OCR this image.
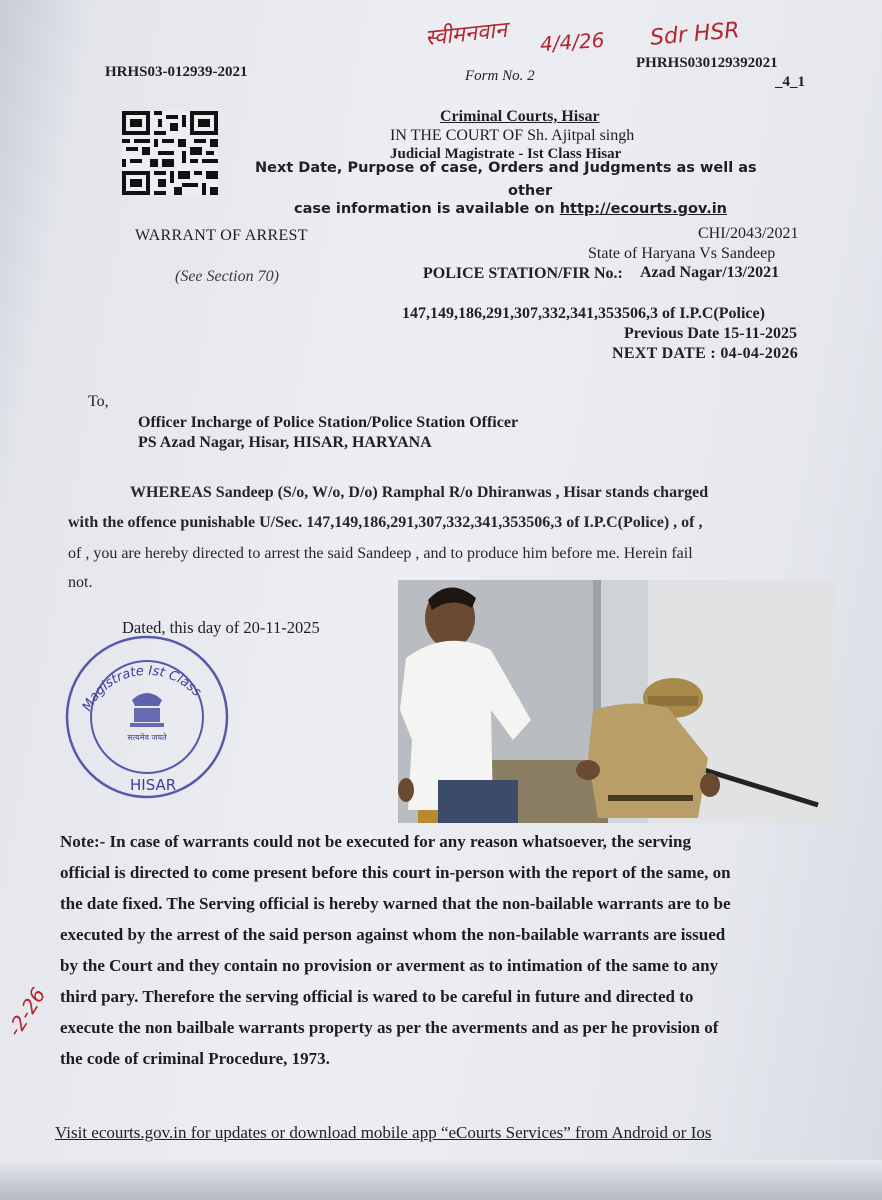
स्वीमनवान 4/4/26 Sdr HSR
-2-26
HRHS03-012939-2021	Form No. 2
PHRHS030129392021
_4_1
Criminal Courts, Hisar
IN THE COURT OF Sh. Ajitpal singh
Judicial Magistrate - Ist Class Hisar
Next Date, Purpose of case, Orders and Judgments as well as
other
case information is available on http://ecourts.gov.in
WARRANT OF ARREST
(See Section 70)
CHI/2043/2021
State of Haryana Vs Sandeep
POLICE STATION/FIR No.: Azad Nagar/13/2021
147,149,186,291,307,332,341,353506,3 of I.P.C(Police)
Previous Date 15-11-2025
NEXT DATE : 04-04-2026
To,
Officer Incharge of Police Station/Police Station Officer
PS Azad Nagar, Hisar, HISAR, HARYANA
WHEREAS Sandeep (S/o, W/o, D/o) Ramphal R/o Dhiranwas , Hisar stands charged
with the offence punishable U/Sec. 147,149,186,291,307,332,341,353506,3 of I.P.C(Police) , of ,
of , you are hereby directed to arrest the said Sandeep , and to produce him before me. Herein fail
not.
Dated, this day of 20-11-2025
Magistrate Ist Class
सत्यमेव जयते
HISAR
Note:- In case of warrants could not be executed for any reason whatsoever, the serving
official is directed to come present before this court in-person with the report of the same, on
the date fixed. The Serving official is hereby warned that the non-bailable warrants are to be
executed by the arrest of the said person against whom the non-bailable warrants are issued
by the Court and they contain no provision or averment as to intimation of the same to any
third pary. Therefore the serving official is wared to be careful in future and directed to
execute the non bailbale warrants property as per the averments and as per he provision of
the code of criminal Procedure, 1973.
Visit ecourts.gov.in for updates or download mobile app “eCourts Services” from Android or Ios
